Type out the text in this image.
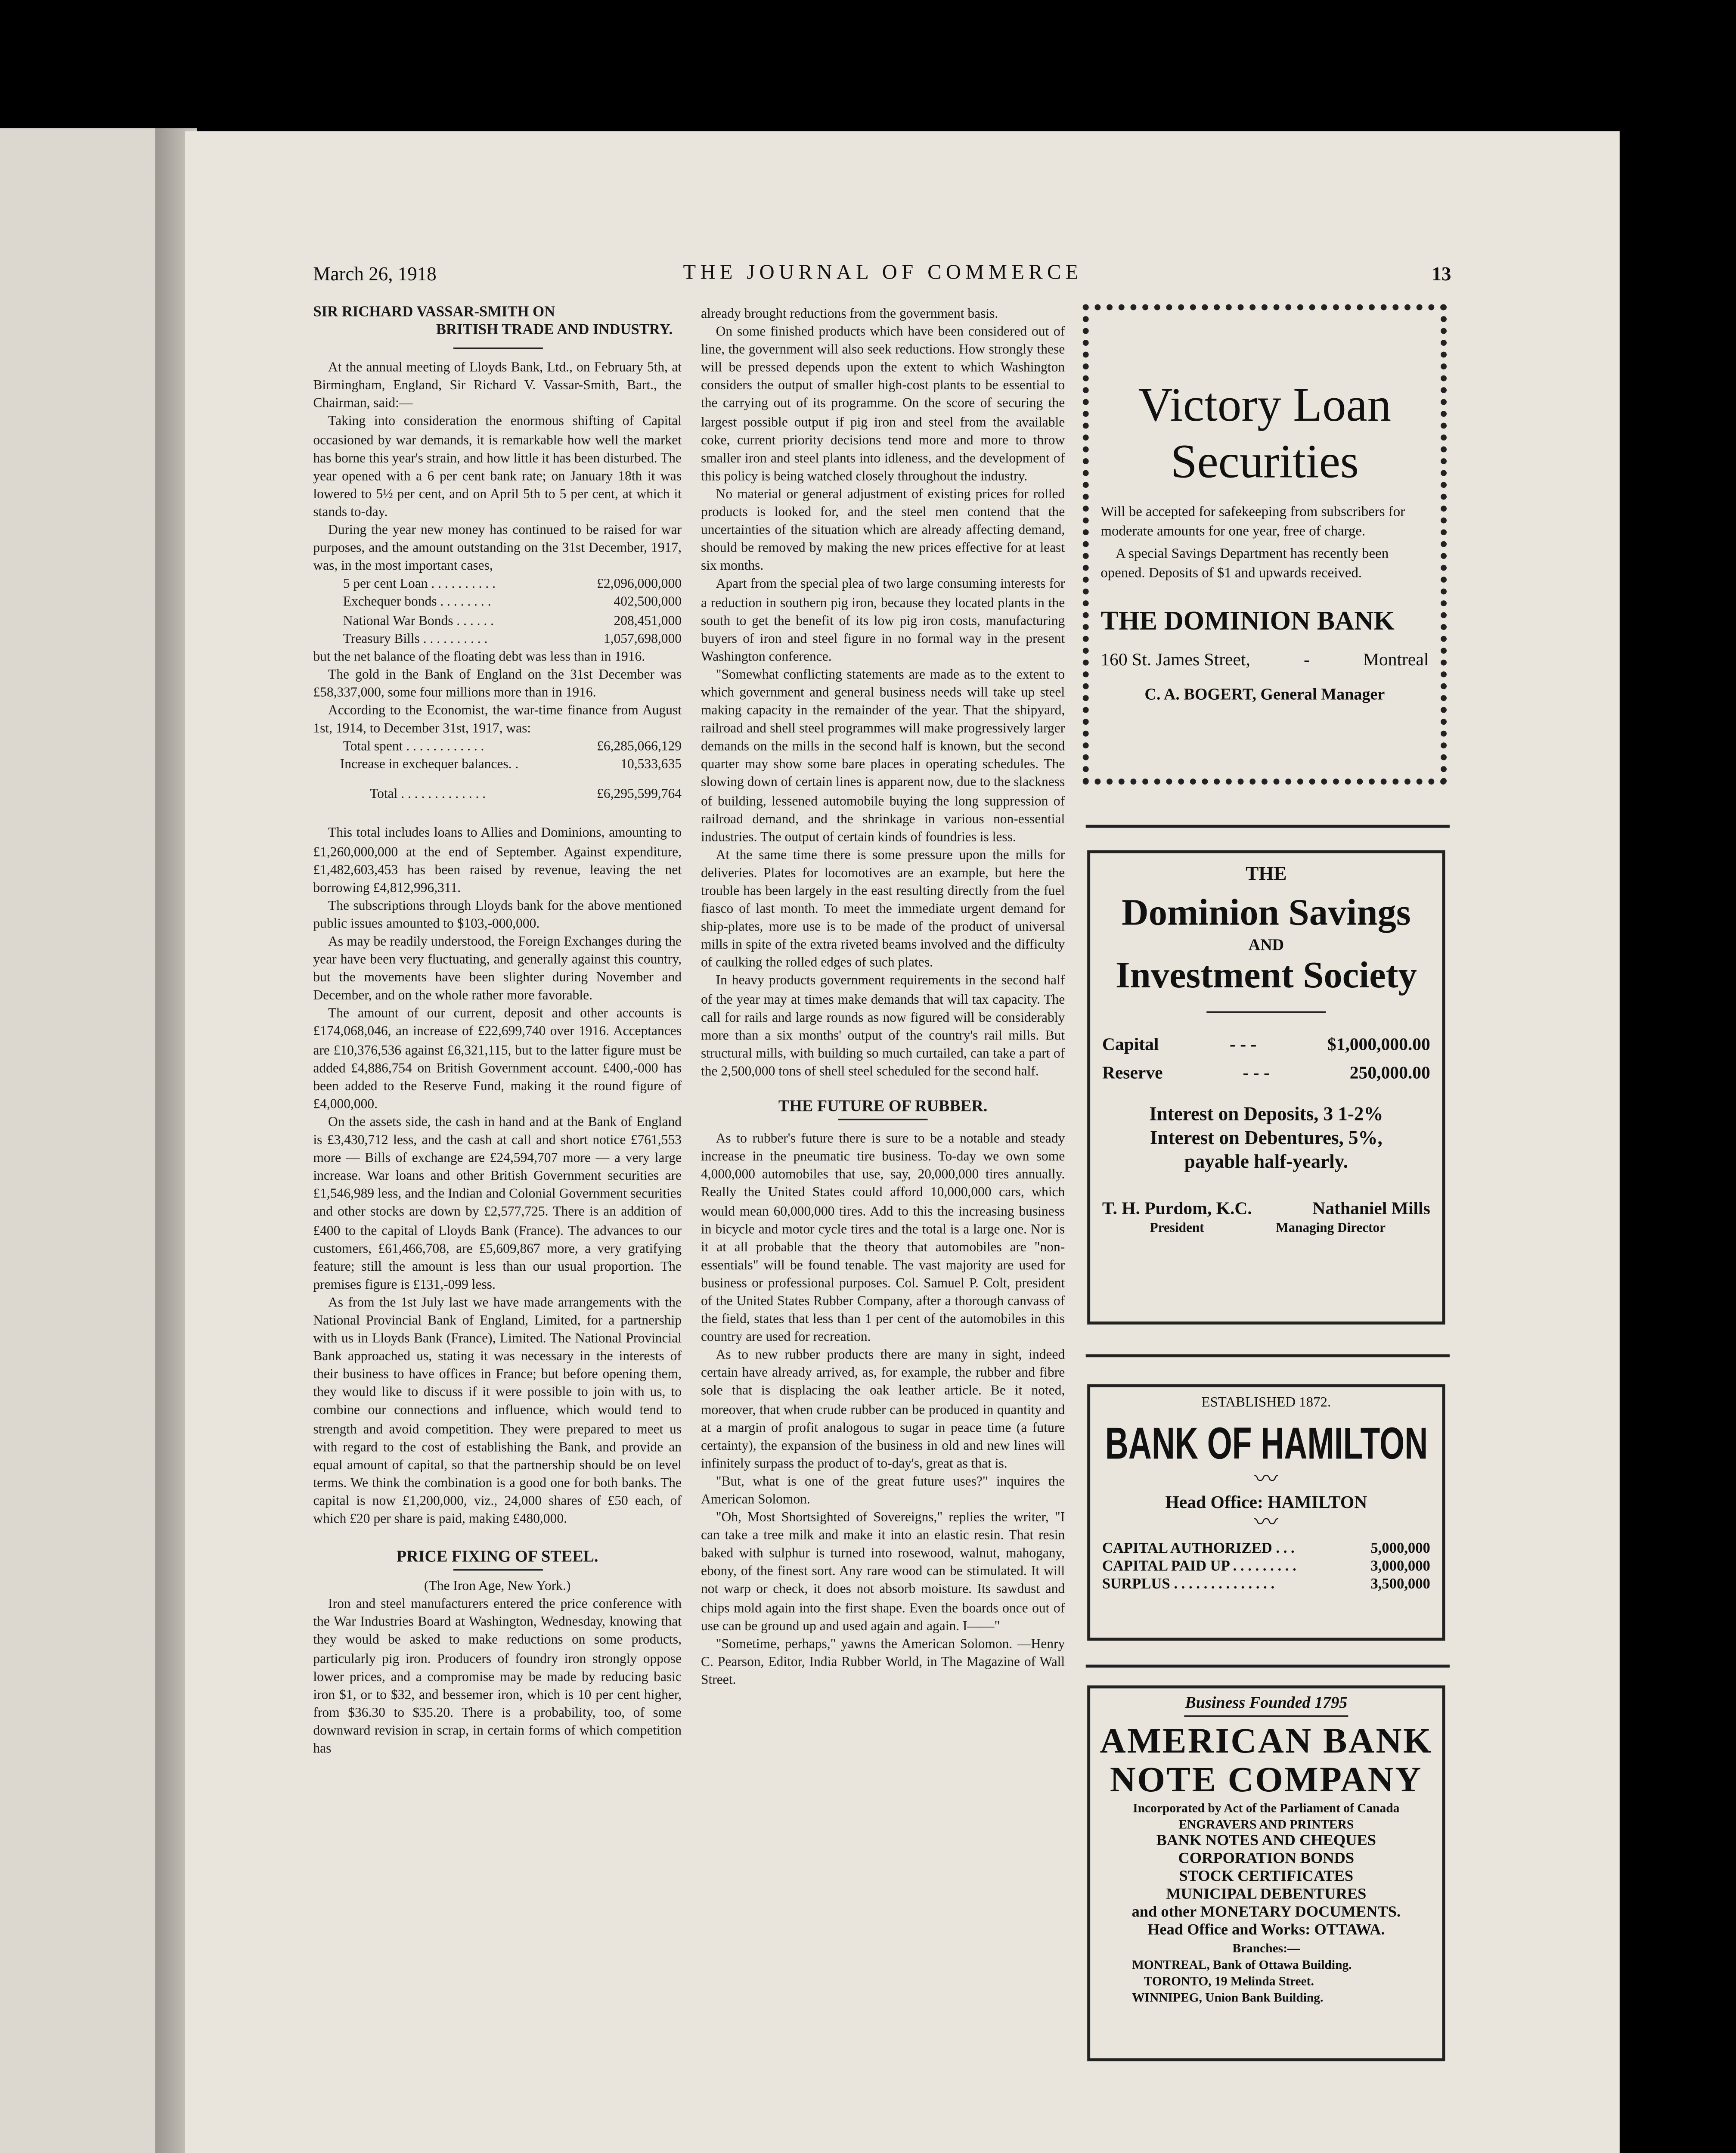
March 26, 1918	THE JOURNAL OF COMMERCE	13

SIR RICHARD VASSAR-SMITH ON

BRITISH TRADE AND INDUSTRY.

At the annual meeting of Lloyds Bank, Ltd., on February 5th, at Birmingham, England, Sir Richard V. Vassar-Smith, Bart., the Chairman, said:—

Taking into consideration the enormous shifting of Capital occasioned by war demands, it is remarkable how well the market has borne this year's strain, and how little it has been disturbed. The year opened with a 6 per cent bank rate; on January 18th it was lowered to 5½ per cent, and on April 5th to 5 per cent, at which it stands to-day.

During the year new money has continued to be raised for war purposes, and the amount outstanding on the 31st December, 1917, was, in the most important cases,

5 per cent Loan . . . . . . . . . .	£2,096,000,000
Exchequer bonds . . . . . . . .	402,500,000
National War Bonds . . . . . .	208,451,000
Treasury Bills . . . . . . . . . .	1,057,698,000

but the net balance of the floating debt was less than in 1916.

The gold in the Bank of England on the 31st December was £58,337,000, some four millions more than in 1916.

According to the Economist, the war-time finance from August 1st, 1914, to December 31st, 1917, was:

Total spent . . . . . . . . . . . .	£6,285,066,129
Increase in exchequer balances. .	10,533,635
Total . . . . . . . . . . . . .	£6,295,599,764

This total includes loans to Allies and Dominions, amounting to £1,260,000,000 at the end of September. Against expenditure, £1,482,603,453 has been raised by revenue, leaving the net borrowing £4,812,996,311.

The subscriptions through Lloyds bank for the above mentioned public issues amounted to $103,-000,000.

As may be readily understood, the Foreign Exchanges during the year have been very fluctuating, and generally against this country, but the movements have been slighter during November and December, and on the whole rather more favorable.

The amount of our current, deposit and other accounts is £174,068,046, an increase of £22,699,740 over 1916. Acceptances are £10,376,536 against £6,321,115, but to the latter figure must be added £4,886,754 on British Government account. £400,-000 has been added to the Reserve Fund, making it the round figure of £4,000,000.

On the assets side, the cash in hand and at the Bank of England is £3,430,712 less, and the cash at call and short notice £761,553 more — Bills of exchange are £24,594,707 more — a very large increase. War loans and other British Government securities are £1,546,989 less, and the Indian and Colonial Government securities and other stocks are down by £2,577,725. There is an addition of £400 to the capital of Lloyds Bank (France). The advances to our customers, £61,466,708, are £5,609,867 more, a very gratifying feature; still the amount is less than our usual proportion. The premises figure is £131,-099 less.

As from the 1st July last we have made arrangements with the National Provincial Bank of England, Limited, for a partnership with us in Lloyds Bank (France), Limited. The National Provincial Bank approached us, stating it was necessary in the interests of their business to have offices in France; but before opening them, they would like to discuss if it were possible to join with us, to combine our connections and influence, which would tend to strength and avoid competition. They were prepared to meet us with regard to the cost of establishing the Bank, and provide an equal amount of capital, so that the partnership should be on level terms. We think the combination is a good one for both banks. The capital is now £1,200,000, viz., 24,000 shares of £50 each, of which £20 per share is paid, making £480,000.

PRICE FIXING OF STEEL.

(The Iron Age, New York.)

Iron and steel manufacturers entered the price conference with the War Industries Board at Washington, Wednesday, knowing that they would be asked to make reductions on some products, particularly pig iron. Producers of foundry iron strongly oppose lower prices, and a compromise may be made by reducing basic iron $1, or to $32, and bessemer iron, which is 10 per cent higher, from $36.30 to $35.20. There is a probability, too, of some downward revision in scrap, in certain forms of which competition has

already brought reductions from the government basis.

On some finished products which have been considered out of line, the government will also seek reductions. How strongly these will be pressed depends upon the extent to which Washington considers the output of smaller high-cost plants to be essential to the carrying out of its programme. On the score of securing the largest possible output if pig iron and steel from the available coke, current priority decisions tend more and more to throw smaller iron and steel plants into idleness, and the development of this policy is being watched closely throughout the industry.

No material or general adjustment of existing prices for rolled products is looked for, and the steel men contend that the uncertainties of the situation which are already affecting demand, should be removed by making the new prices effective for at least six months.

Apart from the special plea of two large consuming interests for a reduction in southern pig iron, because they located plants in the south to get the benefit of its low pig iron costs, manufacturing buyers of iron and steel figure in no formal way in the present Washington conference.

"Somewhat conflicting statements are made as to the extent to which government and general business needs will take up steel making capacity in the remainder of the year. That the shipyard, railroad and shell steel programmes will make progressively larger demands on the mills in the second half is known, but the second quarter may show some bare places in operating schedules. The slowing down of certain lines is apparent now, due to the slackness of building, lessened automobile buying the long suppression of railroad demand, and the shrinkage in various non-essential industries. The output of certain kinds of foundries is less.

At the same time there is some pressure upon the mills for deliveries. Plates for locomotives are an example, but here the trouble has been largely in the east resulting directly from the fuel fiasco of last month. To meet the immediate urgent demand for ship-plates, more use is to be made of the product of universal mills in spite of the extra riveted beams involved and the difficulty of caulking the rolled edges of such plates.

In heavy products government requirements in the second half of the year may at times make demands that will tax capacity. The call for rails and large rounds as now figured will be considerably more than a six months' output of the country's rail mills. But structural mills, with building so much curtailed, can take a part of the 2,500,000 tons of shell steel scheduled for the second half.

THE FUTURE OF RUBBER.

As to rubber's future there is sure to be a notable and steady increase in the pneumatic tire business. To-day we own some 4,000,000 automobiles that use, say, 20,000,000 tires annually. Really the United States could afford 10,000,000 cars, which would mean 60,000,000 tires. Add to this the increasing business in bicycle and motor cycle tires and the total is a large one. Nor is it at all probable that the theory that automobiles are "non-essentials" will be found tenable. The vast majority are used for business or professional purposes. Col. Samuel P. Colt, president of the United States Rubber Company, after a thorough canvass of the field, states that less than 1 per cent of the automobiles in this country are used for recreation.

As to new rubber products there are many in sight, indeed certain have already arrived, as, for example, the rubber and fibre sole that is displacing the oak leather article. Be it noted, moreover, that when crude rubber can be produced in quantity and at a margin of profit analogous to sugar in peace time (a future certainty), the expansion of the business in old and new lines will infinitely surpass the product of to-day's, great as that is.

"But, what is one of the great future uses?" inquires the American Solomon.

"Oh, Most Shortsighted of Sovereigns," replies the writer, "I can take a tree milk and make it into an elastic resin. That resin baked with sulphur is turned into rosewood, walnut, mahogany, ebony, of the finest sort. Any rare wood can be stimulated. It will not warp or check, it does not absorb moisture. Its sawdust and chips mold again into the first shape. Even the boards once out of use can be ground up and used again and again. I——"

"Sometime, perhaps," yawns the American Solomon. —Henry C. Pearson, Editor, India Rubber World, in The Magazine of Wall Street.

Victory Loan
Securities
Will be accepted for safekeeping from subscribers for moderate amounts for one year, free of charge.
A special Savings Department has recently been opened. Deposits of $1 and upwards received.
THE DOMINION BANK
160 St. James Street,	-	Montreal
C. A. BOGERT, General Manager
THE
Dominion Savings
AND
Investment Society
Capital	- - -	$1,000,000.00
Reserve	- - -	250,000.00
Interest on Deposits, 3 1-2%
Interest on Debentures, 5%,
payable half-yearly.
T. H. Purdom, K.C.	Nathaniel Mills
President	Managing Director
ESTABLISHED 1872.
BANK OF HAMILTON
〰
Head Office: HAMILTON
〰
CAPITAL AUTHORIZED . . .	5,000,000
CAPITAL PAID UP . . . . . . . . .	3,000,000
SURPLUS . . . . . . . . . . . . . .	3,500,000
Business Founded 1795
AMERICAN BANK
NOTE COMPANY
Incorporated by Act of the Parliament of Canada
ENGRAVERS AND PRINTERS
BANK NOTES AND CHEQUES
CORPORATION BONDS
STOCK CERTIFICATES
MUNICIPAL DEBENTURES
and other MONETARY DOCUMENTS.
Head Office and Works: OTTAWA.
Branches:—
MONTREAL, Bank of Ottawa Building.
TORONTO, 19 Melinda Street.
WINNIPEG, Union Bank Building.
